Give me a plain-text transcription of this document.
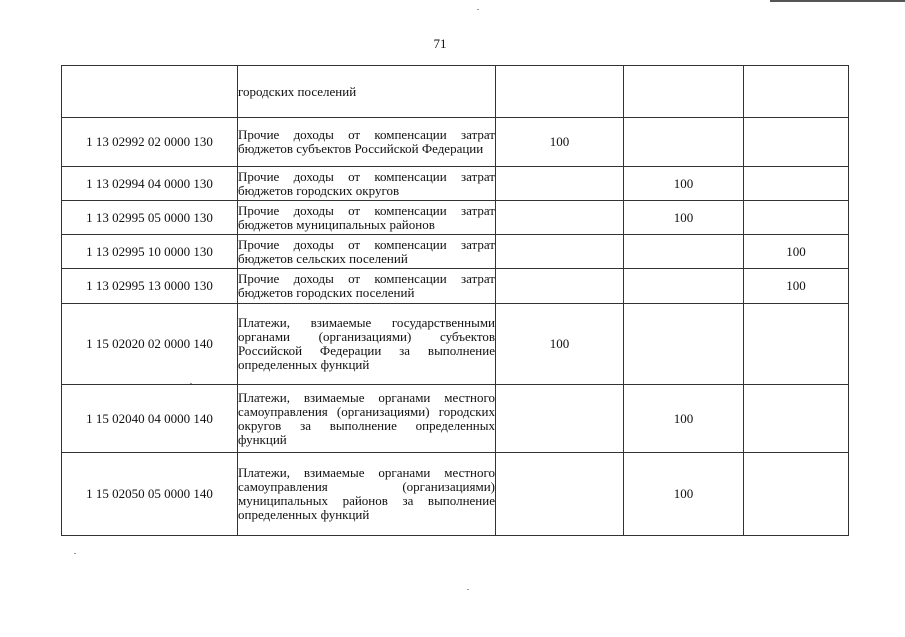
71
	городских поселений			
1 13 02992 02 0000 130	Прочие доходы от компенсации затрат бюджетов субъектов Российской Федерации	100		
1 13 02994 04 0000 130	Прочие доходы от компенсации затрат бюджетов городских округов		100	
1 13 02995 05 0000 130	Прочие доходы от компенсации затрат бюджетов муниципальных районов		100	
1 13 02995 10 0000 130	Прочие доходы от компенсации затрат бюджетов сельских поселений			100
1 13 02995 13 0000 130	Прочие доходы от компенсации затрат бюджетов городских поселений			100
1 15 02020 02 0000 140	Платежи, взимаемые государственными органами (организациями) субъектов Российской Федерации за выполнение определенных функций	100		
1 15 02040 04 0000 140	Платежи, взимаемые органами местного самоуправления (организациями) городских округов за выполнение определенных функций		100	
1 15 02050 05 0000 140	Платежи, взимаемые органами местного самоуправления (организациями) муниципальных районов за выполнение определенных функций		100	
